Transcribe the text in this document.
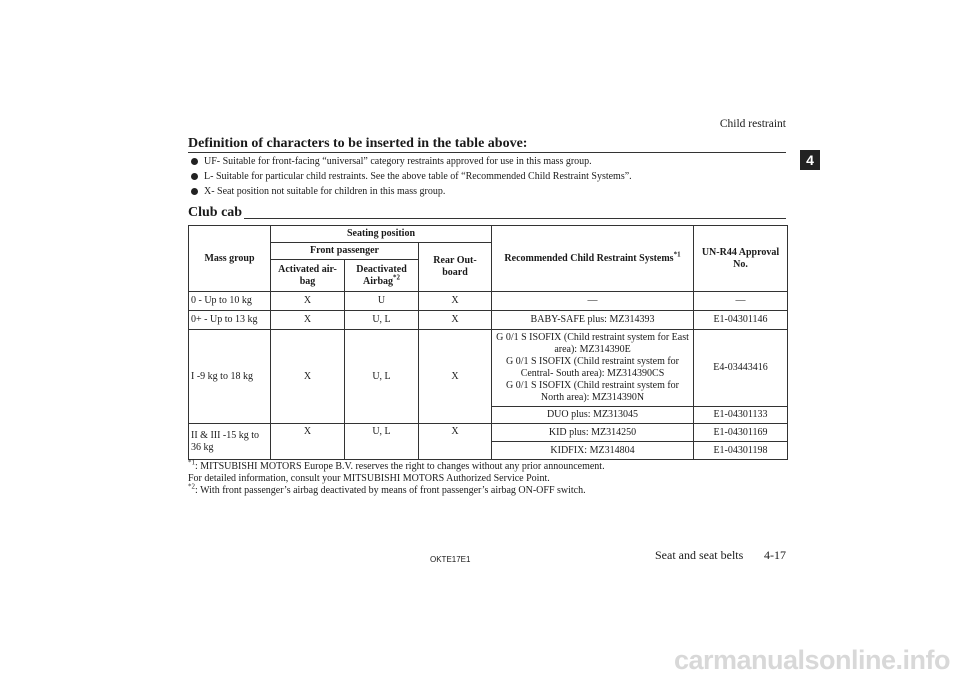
Child restraint
4
Definition of characters to be inserted in the table above:
UF- Suitable for front-facing “universal” category restraints approved for use in this mass group.
L- Suitable for particular child restraints. See the above table of “Recommended Child Restraint Systems”.
X- Seat position not suitable for children in this mass group.
Club cab
Mass group	Seating position			Recommended Child Restraint Systems$^{*1}$	UN-R44 Approval No.
	Front passenger		Rear Out-board		
	Activated air-bag	Deactivated Airbag$^{*2}$
0 - Up to 10 kg	X	U	X	—	—
0+ - Up to 13 kg	X	U, L	X	BABY-SAFE plus: MZ314393	E1-04301146
I -9 kg to 18 kg	X	U, L	X	G 0/1 S ISOFIX (Child restraint system for East area): MZ314390E
G 0/1 S ISOFIX (Child restraint system for Central- South area): MZ314390CS
G 0/1 S ISOFIX (Child restraint system for North area): MZ314390N	E4-03443416
				DUO plus: MZ313045	E1-04301133
II & III -15 kg to 36 kg	X	U, L	X	KID plus: MZ314250	E1-04301169
				KIDFIX: MZ314804	E1-04301198
$^{*1}$: MITSUBISHI MOTORS Europe B.V. reserves the right to changes without any prior announcement.
For detailed information, consult your MITSUBISHI MOTORS Authorized Service Point.
$^{*2}$: With front passenger’s airbag deactivated by means of front passenger’s airbag ON-OFF switch.
OKTE17E1	Seat and seat belts 4-17
carmanualsonline.info
